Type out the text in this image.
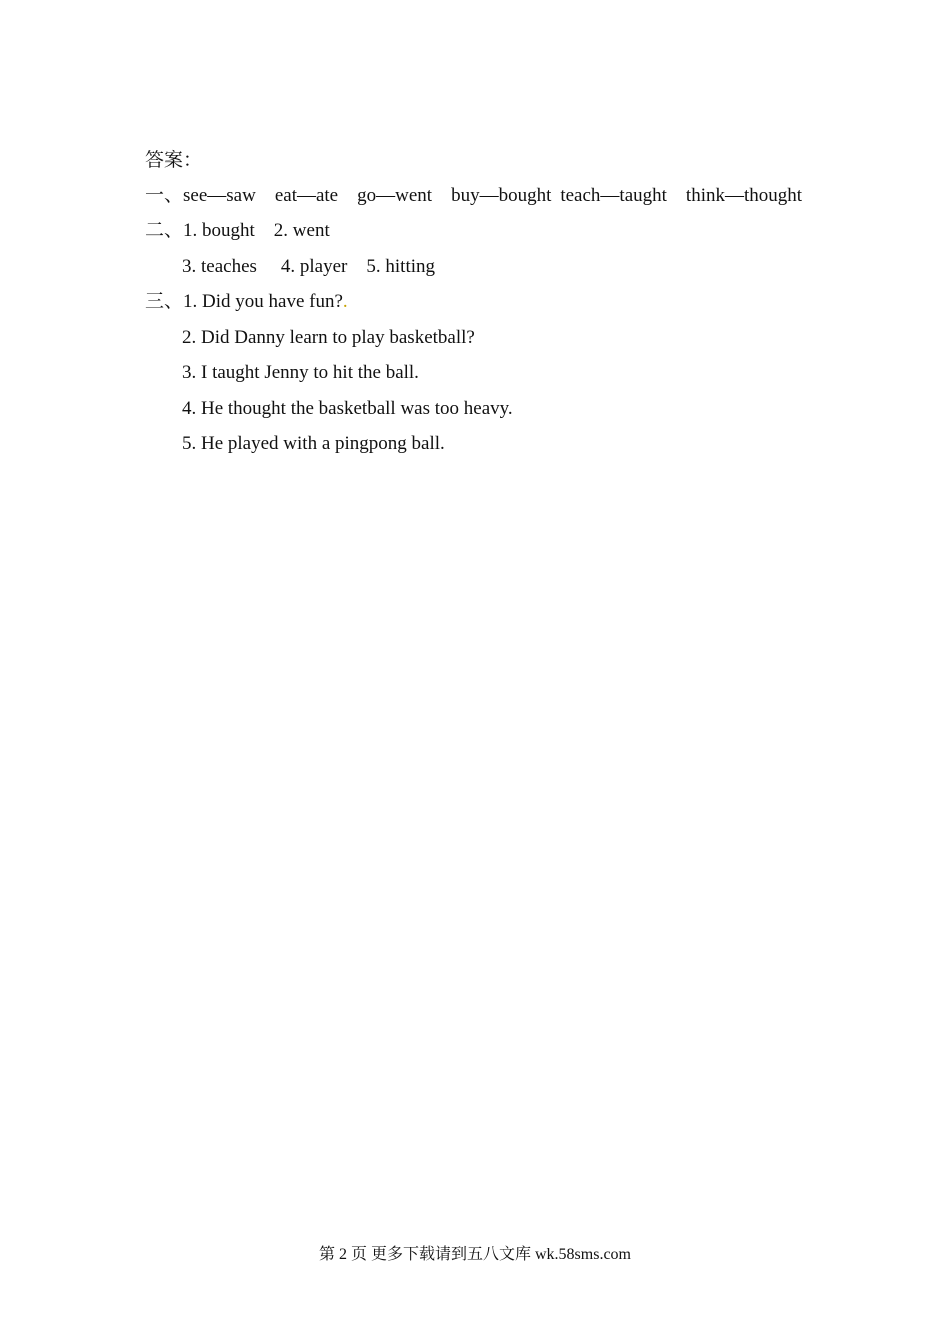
答案：
一、see—saw eat—ate go—went buy—bought teach—taught think—thought
二、1. bought 2. went
3. teaches 4. player 5. hitting
三、1. Did you have fun?.
2. Did Danny learn to play basketball?
3. I taught Jenny to hit the ball.
4. He thought the basketball was too heavy.
5. He played with a pingpong ball.
第 2 页 更多下载请到五八文库 wk.58sms.com
